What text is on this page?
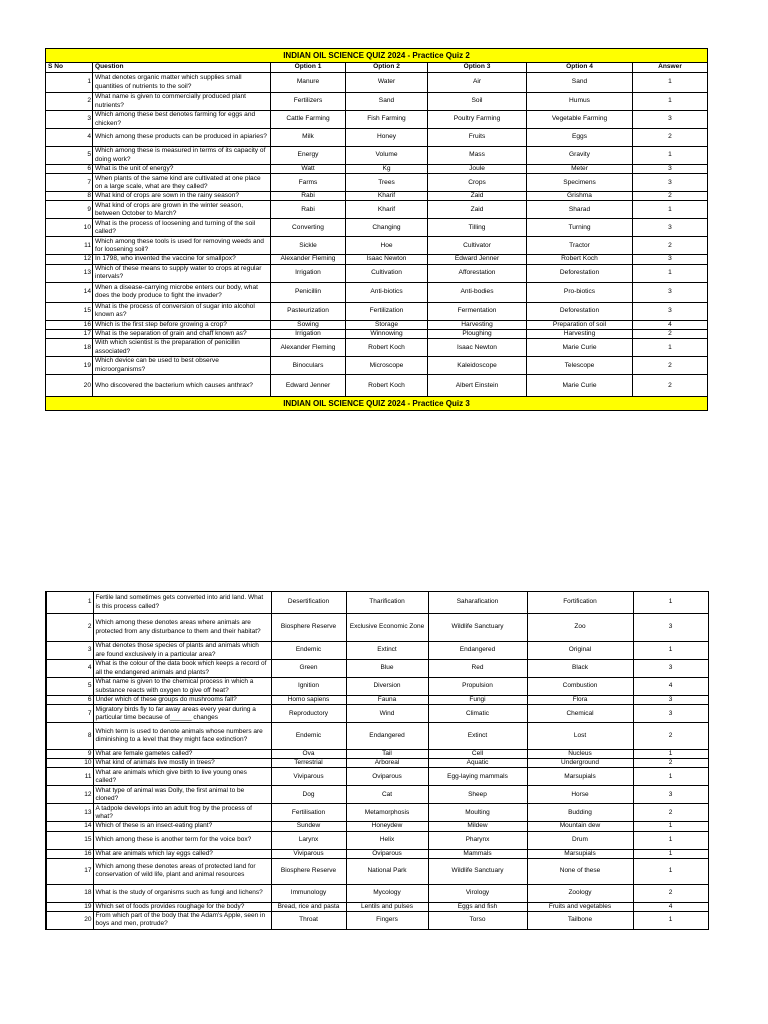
INDIAN OIL SCIENCE QUIZ 2024 - Practice Quiz 2						
S No	Question	Option 1	Option 2	Option 3	Option 4	Answer
1	What denotes organic matter which supplies small quantities of nutrients to the soil?	Manure	Water	Air	Sand	1
2	What name is given to commercially produced plant nutrients?	Fertilizers	Sand	Soil	Humus	1
3	Which among these best denotes farming for eggs and chicken?	Cattle Farming	Fish Farming	Poultry Farming	Vegetable Farming	3
4	Which among these products can be produced in apiaries?	Milk	Honey	Fruits	Eggs	2
5	Which among these is measured in terms of its capacity of doing work?	Energy	Volume	Mass	Gravity	1
6	What is the unit of energy?	Watt	Kg	Joule	Meter	3
7	When plants of the same kind are cultivated at one place on a large scale, what are they called?	Farms	Trees	Crops	Specimens	3
8	What kind of crops are sown in the rainy season?	Rabi	Kharif	Zaid	Grishma	2
9	What kind of crops are grown in the winter season, between October to March?	Rabi	Kharif	Zaid	Sharad	1
10	What is the process of loosening and turning of the soil called?	Converting	Changing	Tilling	Turning	3
11	Which among these tools is used for removing weeds and for loosening soil?	Sickle	Hoe	Cultivator	Tractor	2
12	In 1798, who invented the vaccine for smallpox?	Alexander Fleming	Isaac Newton	Edward Jenner	Robert Koch	3
13	Which of these means to supply water to crops at regular intervals?	Irrigation	Cultivation	Afforestation	Deforestation	1
14	When a disease-carrying microbe enters our body, what does the body produce to fight the invader?	Penicillin	Anti-biotics	Anti-bodies	Pro-biotics	3
15	What is the process of conversion of sugar into alcohol known as?	Pasteurization	Fertilization	Fermentation	Deforestation	3
16	Which is the first step before growing a crop?	Sowing	Storage	Harvesting	Preparation of soil	4
17	What is the separation of grain and chaff known as?	Irrigation	Winnowing	Ploughing	Harvesting	2
18	With which scientist is the preparation of penicillin associated?	Alexander Fleming	Robert Koch	Isaac Newton	Marie Curie	1
19	Which device can be used to best observe microorganisms?	Binoculars	Microscope	Kaleidoscope	Telescope	2
20	Who discovered the bacterium which causes anthrax?	Edward Jenner	Robert Koch	Albert Einstein	Marie Curie	2
INDIAN OIL SCIENCE QUIZ 2024 - Practice Quiz 3						
1	Fertile land sometimes gets converted into arid land. What is this process called?	Desertification	Tharification	Saharafication	Fortification	1
2	Which among these denotes areas where animals are protected from any disturbance to them and their habitat?	Biosphere Reserve	Exclusive Economic Zone	Wildlife Sanctuary	Zoo	3
3	What denotes those species of plants and animals which are found exclusively in a particular area?	Endemic	Extinct	Endangered	Original	1
4	What is the colour of the data book which keeps a record of all the endangered animals and plants?	Green	Blue	Red	Black	3
5	What name is given to the chemical process in which a substance reacts with oxygen to give off heat?	Ignition	Diversion	Propulsion	Combustion	4
6	Under which of these groups do mushrooms fall?	Homo sapiens	Fauna	Fungi	Flora	3
7	Migratory birds fly to far away areas every year during a particular time because of______ changes	Reproductory	Wind	Climatic	Chemical	3
8	Which term is used to denote animals whose numbers are diminishing to a level that they might face extinction?	Endemic	Endangered	Extinct	Lost	2
9	What are female gametes called?	Ova	Tail	Cell	Nucleus	1
10	What kind of animals live mostly in trees?	Terrestrial	Arboreal	Aquatic	Underground	2
11	What are animals which give birth to live young ones called?	Viviparous	Oviparous	Egg-laying mammals	Marsupials	1
12	What type of animal was Dolly, the first animal to be cloned?	Dog	Cat	Sheep	Horse	3
13	A tadpole develops into an adult frog by the process of what?	Fertilisation	Metamorphosis	Moulting	Budding	2
14	Which of these is an insect-eating plant?	Sundew	Honeydew	Mildew	Mountain dew	1
15	Which among these is another term for the voice box?	Larynx	Helix	Pharynx	Drum	1
16	What are animals which lay eggs called?	Viviparous	Oviparous	Mammals	Marsupials	1
17	Which among these denotes areas of protected land for conservation of wild life, plant and animal resources	Biosphere Reserve	National Park	Wildlife Sanctuary	None of these	1
18	What is the study of organisms such as fungi and lichens?	Immunology	Mycology	Virology	Zoology	2
19	Which set of foods provides roughage for the body?	Bread, rice and pasta	Lentils and pulses	Eggs and fish	Fruits and vegetables	4
20	From which part of the body that the Adam's Apple, seen in boys and men, protrude?	Throat	Fingers	Torso	Tailbone	1
